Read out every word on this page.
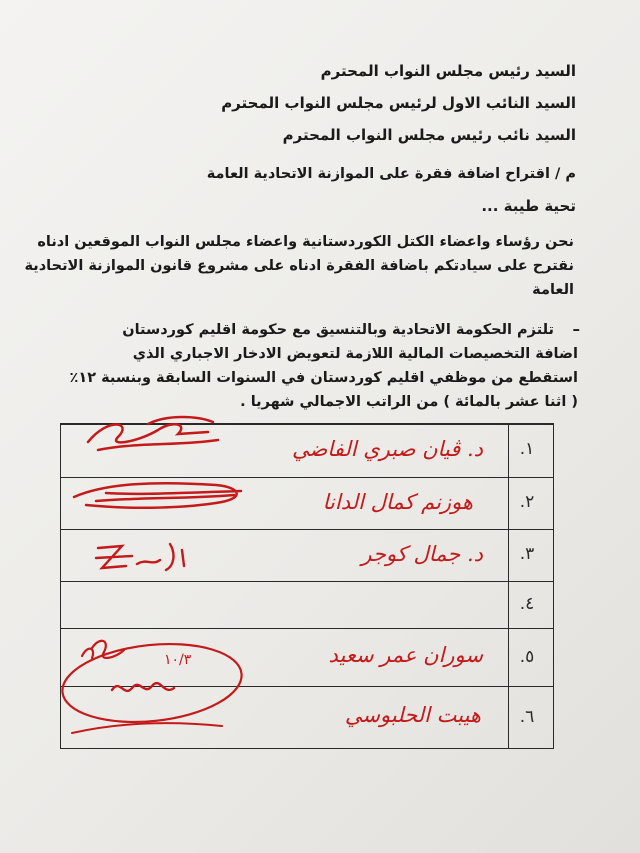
السيد رئيس مجلس النواب المحترم
السيد النائب الاول لرئيس مجلس النواب المحترم
السيد نائب رئيس مجلس النواب المحترم
م / اقتراح اضافة فقرة على الموازنة الاتحادية العامة
تحية طيبة ...
نحن رؤساء واعضاء الكتل الكوردستانية واعضاء مجلس النواب الموقعين ادناه
نقترح على سيادتكم باضافة الفقرة ادناه على مشروع قانون الموازنة الاتحادية
العامة
تلتزم الحكومة الاتحادية وبالتنسيق مع حكومة اقليم كوردستان –
اضافة التخصيصات المالية اللازمة لتعويض الادخار الاجباري الذي
استقطع من موظفي اقليم كوردستان في السنوات السابقة وبنسبة ١٢٪
( اثنا عشر بالمائة ) من الراتب الاجمالي شهريا .
١.
د. ڤيان صبري الفاضي
٢.
هوزنم كمال الدانا
٣.
د. جمال كوجر
٤.
٥.
سوران عمر سعيد
٦.
هيبت الحلبوسي
١٠/٣
